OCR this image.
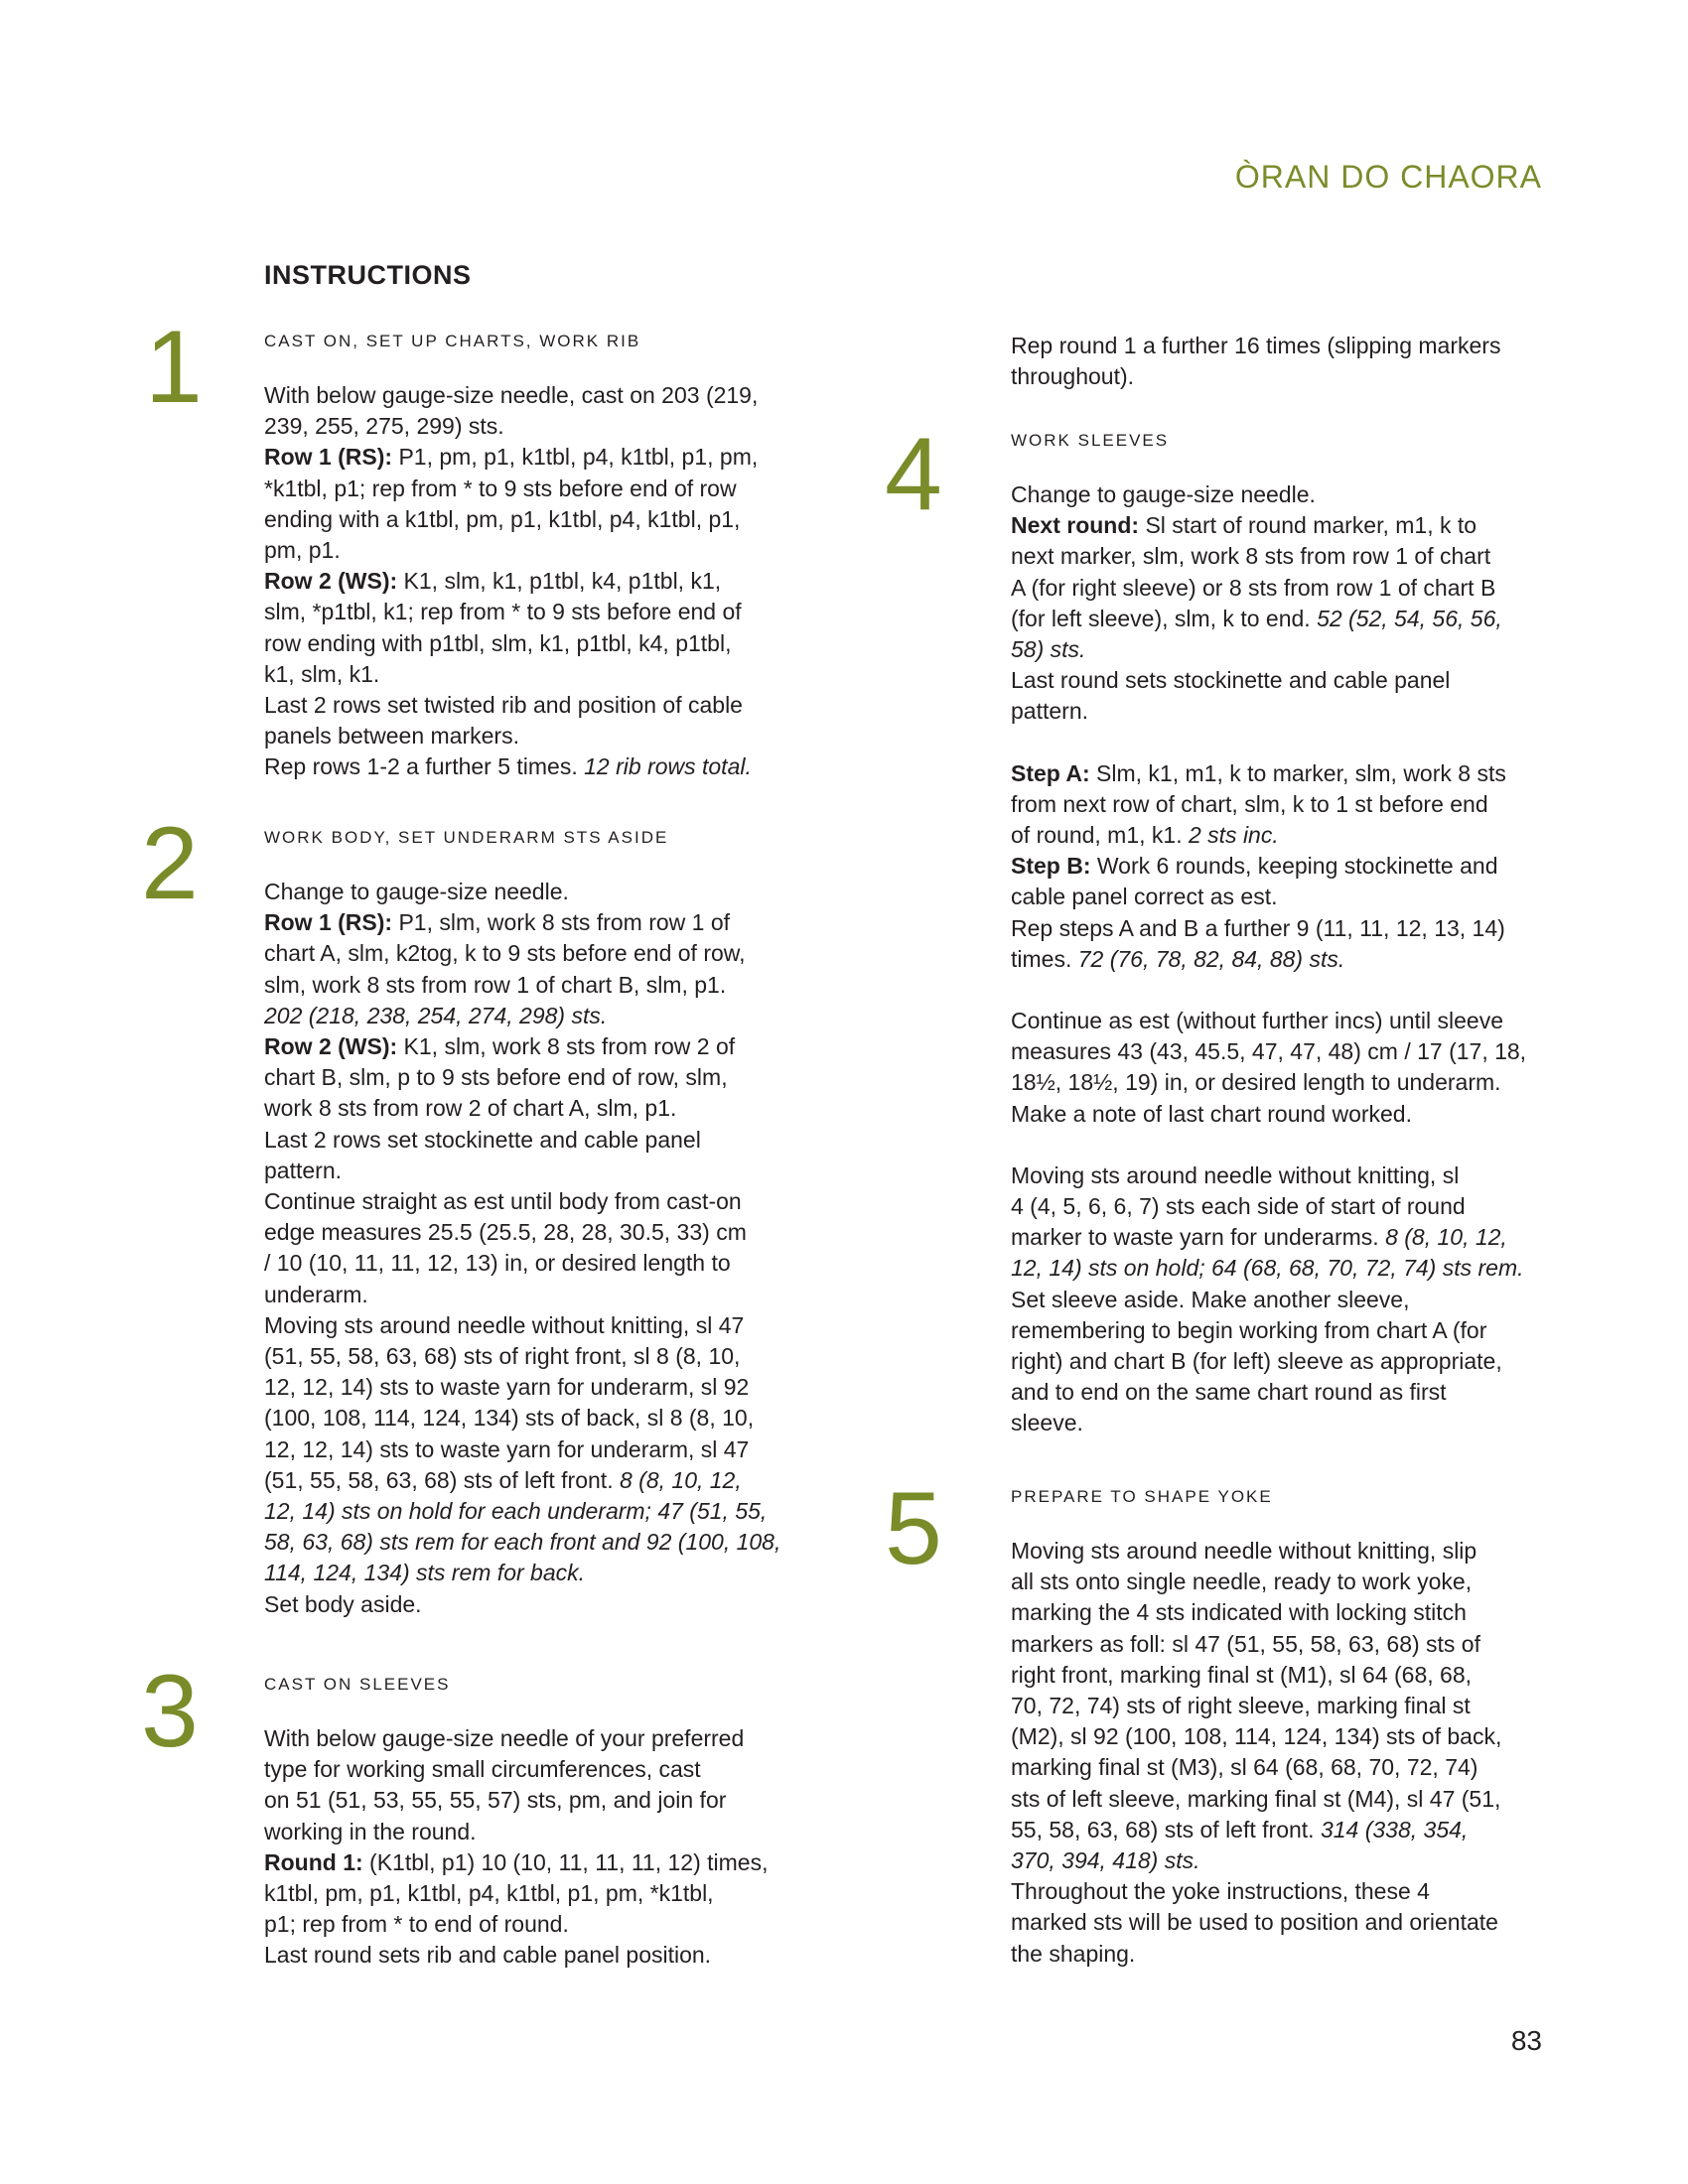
ÒRAN DO CHAORA
INSTRUCTIONS
1	CAST ON, SET UP CHARTS, WORK RIB
With below gauge-size needle, cast on 203 (219,
239, 255, 275, 299) sts.
Row 1 (RS): P1, pm, p1, k1tbl, p4, k1tbl, p1, pm,
*k1tbl, p1; rep from * to 9 sts before end of row
ending with a k1tbl, pm, p1, k1tbl, p4, k1tbl, p1,
pm, p1.
Row 2 (WS): K1, slm, k1, p1tbl, k4, p1tbl, k1,
slm, *p1tbl, k1; rep from * to 9 sts before end of
row ending with p1tbl, slm, k1, p1tbl, k4, p1tbl,
k1, slm, k1.
Last 2 rows set twisted rib and position of cable
panels between markers.
Rep rows 1-2 a further 5 times. 12 rib rows total.
2	WORK BODY, SET UNDERARM STS ASIDE
Change to gauge-size needle.
Row 1 (RS): P1, slm, work 8 sts from row 1 of
chart A, slm, k2tog, k to 9 sts before end of row,
slm, work 8 sts from row 1 of chart B, slm, p1.
202 (218, 238, 254, 274, 298) sts.
Row 2 (WS): K1, slm, work 8 sts from row 2 of
chart B, slm, p to 9 sts before end of row, slm,
work 8 sts from row 2 of chart A, slm, p1.
Last 2 rows set stockinette and cable panel
pattern.
Continue straight as est until body from cast-on
edge measures 25.5 (25.5, 28, 28, 30.5, 33) cm
/ 10 (10, 11, 11, 12, 13) in, or desired length to
underarm.
Moving sts around needle without knitting, sl 47
(51, 55, 58, 63, 68) sts of right front, sl 8 (8, 10,
12, 12, 14) sts to waste yarn for underarm, sl 92
(100, 108, 114, 124, 134) sts of back, sl 8 (8, 10,
12, 12, 14) sts to waste yarn for underarm, sl 47
(51, 55, 58, 63, 68) sts of left front. 8 (8, 10, 12,
12, 14) sts on hold for each underarm; 47 (51, 55,
58, 63, 68) sts rem for each front and 92 (100, 108,
114, 124, 134) sts rem for back.
Set body aside.
3	CAST ON SLEEVES
With below gauge-size needle of your preferred
type for working small circumferences, cast
on 51 (51, 53, 55, 55, 57) sts, pm, and join for
working in the round.
Round 1: (K1tbl, p1) 10 (10, 11, 11, 11, 12) times,
k1tbl, pm, p1, k1tbl, p4, k1tbl, p1, pm, *k1tbl,
p1; rep from * to end of round.
Last round sets rib and cable panel position.
Rep round 1 a further 16 times (slipping markers
throughout).
4	WORK SLEEVES
Change to gauge-size needle.
Next round: Sl start of round marker, m1, k to
next marker, slm, work 8 sts from row 1 of chart
A (for right sleeve) or 8 sts from row 1 of chart B
(for left sleeve), slm, k to end. 52 (52, 54, 56, 56,
58) sts.
Last round sets stockinette and cable panel
pattern.
Step A: Slm, k1, m1, k to marker, slm, work 8 sts
from next row of chart, slm, k to 1 st before end
of round, m1, k1. 2 sts inc.
Step B: Work 6 rounds, keeping stockinette and
cable panel correct as est.
Rep steps A and B a further 9 (11, 11, 12, 13, 14)
times. 72 (76, 78, 82, 84, 88) sts.
Continue as est (without further incs) until sleeve
measures 43 (43, 45.5, 47, 47, 48) cm / 17 (17, 18,
18½, 18½, 19) in, or desired length to underarm.
Make a note of last chart round worked.
Moving sts around needle without knitting, sl
4 (4, 5, 6, 6, 7) sts each side of start of round
marker to waste yarn for underarms. 8 (8, 10, 12,
12, 14) sts on hold; 64 (68, 68, 70, 72, 74) sts rem.
Set sleeve aside. Make another sleeve,
remembering to begin working from chart A (for
right) and chart B (for left) sleeve as appropriate,
and to end on the same chart round as first
sleeve.
5	PREPARE TO SHAPE YOKE
Moving sts around needle without knitting, slip
all sts onto single needle, ready to work yoke,
marking the 4 sts indicated with locking stitch
markers as foll: sl 47 (51, 55, 58, 63, 68) sts of
right front, marking final st (M1), sl 64 (68, 68,
70, 72, 74) sts of right sleeve, marking final st
(M2), sl 92 (100, 108, 114, 124, 134) sts of back,
marking final st (M3), sl 64 (68, 68, 70, 72, 74)
sts of left sleeve, marking final st (M4), sl 47 (51,
55, 58, 63, 68) sts of left front. 314 (338, 354,
370, 394, 418) sts.
Throughout the yoke instructions, these 4
marked sts will be used to position and orientate
the shaping.
83
